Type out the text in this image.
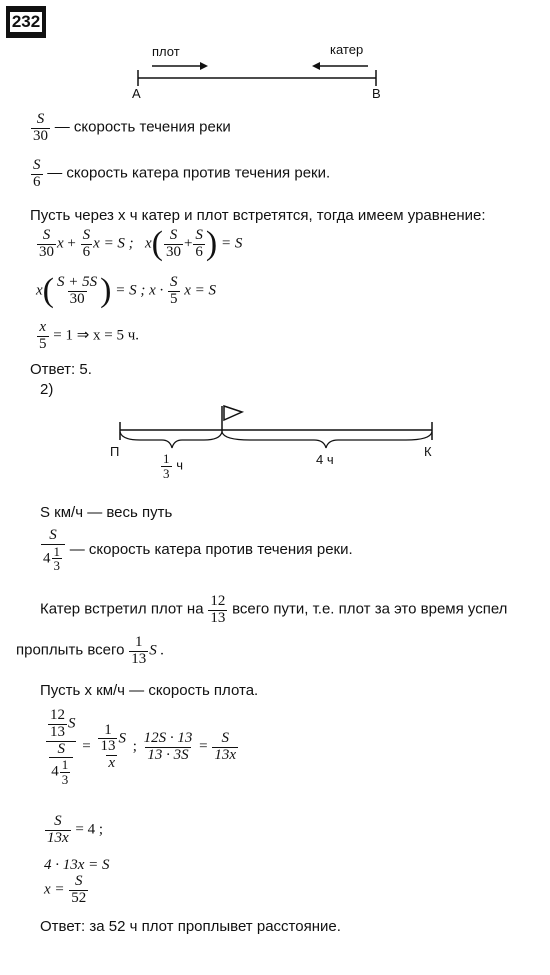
232
плот	катер
А	В
$\frac{S}{30}$ — скорость течения реки
$\frac{S}{6}$ — скорость катера против течения реки.
Пусть через x ч катер и плот встретятся, тогда имеем уравнение:
$\frac{S}{30}$ $x + \frac{S}{6}$ x = S ; $x( \frac{S}{30} + \frac{S}{6}$ ) = S
$x( \frac{S + 5S}{30}$ ) = S ; $x \cdot \frac{S}{5}$ x = S
$\frac{x}{5} = 1$ ⇒ x = 5 ч.
Ответ: 5.
2)
П	К
$\frac{1}{3}$ ч	4 ч
S км/ч — весь путь
$\frac{S}{4 \frac{1}{3}}$ — скорость катера против течения реки.
Катер встретил плот на $\frac{12}{13}$ всего пути, т.е. плот за это время успел
проплыть всего $\frac{1}{13}$ S .
Пусть x км/ч — скорость плота.
$\frac{\frac{12}{13} S}{\frac{S}{4 \frac{1}{3}}} = \frac{\frac{1}{13} S}{x}$ ; $\frac{12S \cdot 13}{13 \cdot 3S} = \frac{S}{13x}$
$\frac{S}{13x} = 4$ ;
4 · 13x = S
$x = \frac{S}{52}$
Ответ: за 52 ч плот проплывет расстояние.
